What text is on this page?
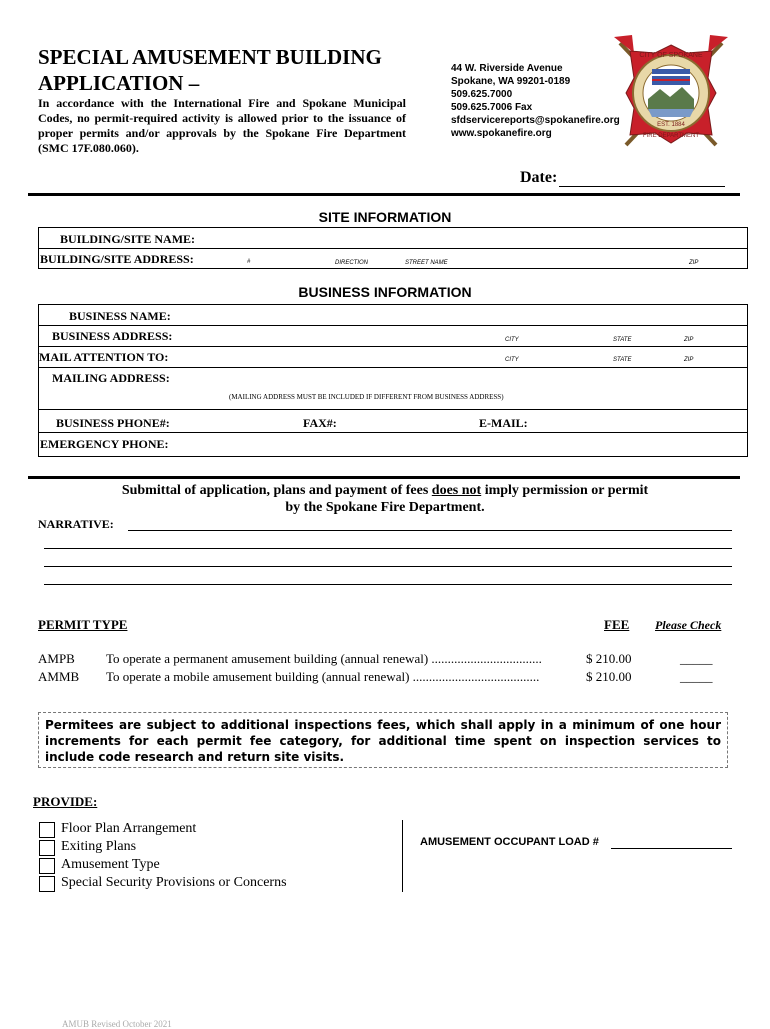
SPECIAL AMUSEMENT BUILDING
APPLICATION –
In accordance with the International Fire and Spokane Municipal Codes, no permit-required activity is allowed prior to the issuance of proper permits and/or approvals by the Spokane Fire Department (SMC 17F.080.060).
44 W. Riverside Avenue
Spokane, WA 99201-0189
509.625.7000
509.625.7006 Fax
sfdservicereports@spokanefire.org
www.spokanefire.org
CITY OF SPOKANE
EST. 1884
FIRE DEPARTMENT
Date:
SITE INFORMATION
BUILDING/SITE NAME:
BUILDING/SITE ADDRESS:	#	DIRECTION	STREET NAME	ZIP
BUSINESS INFORMATION
BUSINESS NAME:
BUSINESS ADDRESS:	CITY	STATE	ZIP
MAIL ATTENTION TO:	CITY	STATE	ZIP
MAILING ADDRESS:
(MAILING ADDRESS MUST BE INCLUDED IF DIFFERENT FROM BUSINESS ADDRESS)
BUSINESS PHONE#:	FAX#:	E-MAIL:
EMERGENCY PHONE:
Submittal of application, plans and payment of fees does not imply permission or permit
by the Spokane Fire Department.
NARRATIVE:
PERMIT TYPE	FEE Please Check
AMPB To operate a permanent amusement building (annual renewal) ..................................	$ 210.00	_____
AMMB To operate a mobile amusement building (annual renewal) .......................................	$ 210.00	_____
Permitees are subject to additional inspections fees, which shall apply in a minimum of one hour increments for each permit fee category, for additional time spent on inspection services to include code research and return site visits.
PROVIDE:
Floor Plan Arrangement
Exiting Plans
Amusement Type
Special Security Provisions or Concerns
AMUSEMENT OCCUPANT LOAD #
AMUB Revised October 2021
